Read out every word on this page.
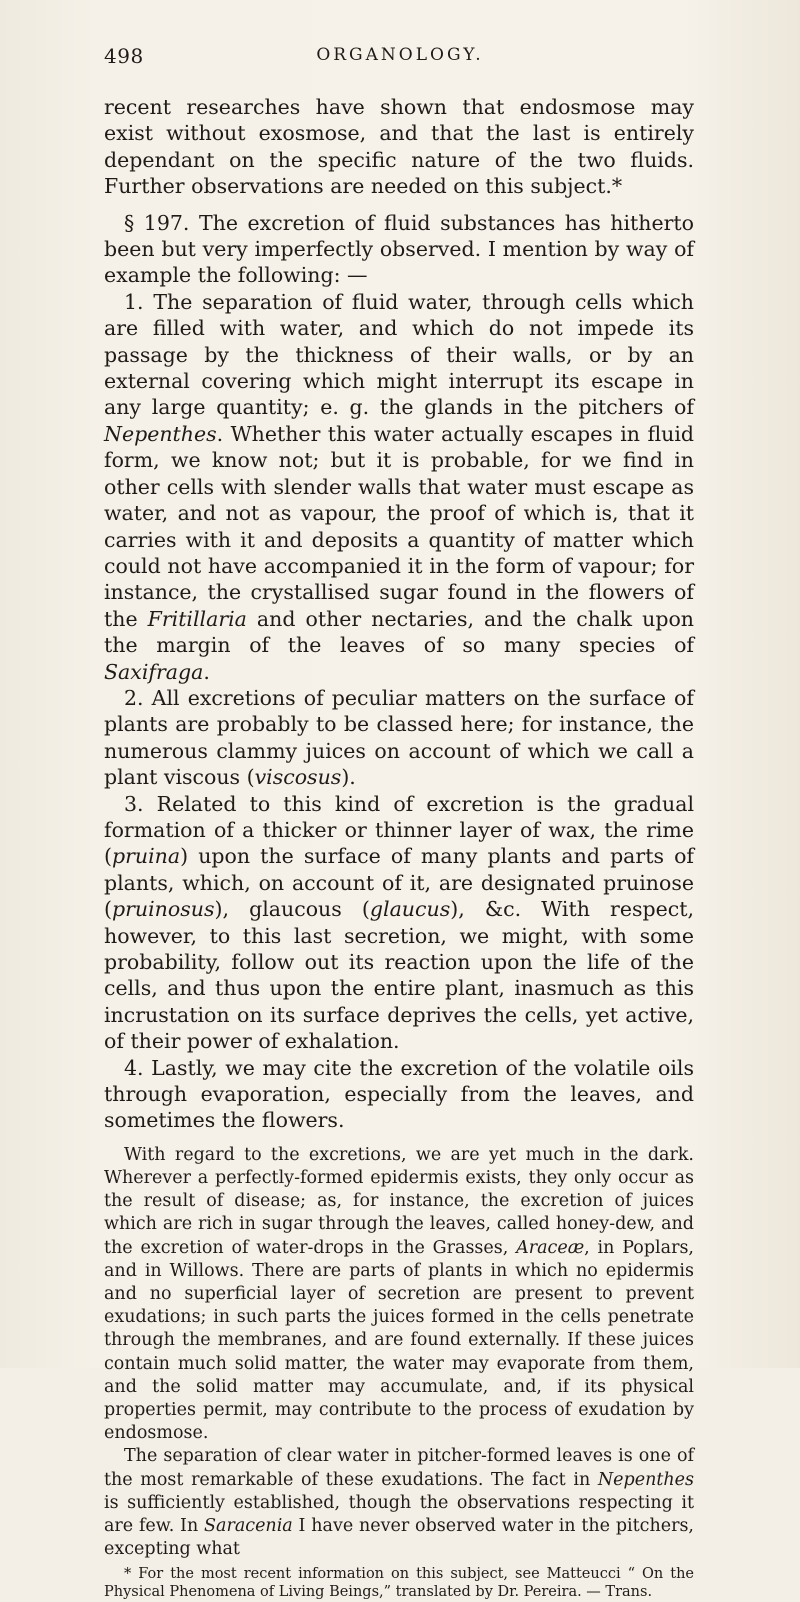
498	ORGANOLOGY.

recent researches have shown that endosmose may exist without exosmose, and that the last is entirely dependant on the specific nature of the two fluids. Further observations are needed on this subject.*

§ 197. The excretion of fluid substances has hitherto been but very imperfectly observed. I mention by way of example the following: —

1. The separation of fluid water, through cells which are filled with water, and which do not impede its passage by the thickness of their walls, or by an external covering which might interrupt its escape in any large quantity; e. g. the glands in the pitchers of Nepenthes. Whether this water actually escapes in fluid form, we know not; but it is probable, for we find in other cells with slender walls that water must escape as water, and not as vapour, the proof of which is, that it carries with it and deposits a quantity of matter which could not have accompanied it in the form of vapour; for instance, the crystallised sugar found in the flowers of the Fritillaria and other nectaries, and the chalk upon the margin of the leaves of so many species of Saxifraga.

2. All excretions of peculiar matters on the surface of plants are probably to be classed here; for instance, the numerous clammy juices on account of which we call a plant viscous (viscosus).

3. Related to this kind of excretion is the gradual formation of a thicker or thinner layer of wax, the rime (pruina) upon the surface of many plants and parts of plants, which, on account of it, are designated pruinose (pruinosus), glaucous (glaucus), &c. With respect, however, to this last secretion, we might, with some probability, follow out its reaction upon the life of the cells, and thus upon the entire plant, inasmuch as this incrustation on its surface deprives the cells, yet active, of their power of exhalation.

4. Lastly, we may cite the excretion of the volatile oils through evaporation, especially from the leaves, and sometimes the flowers.

With regard to the excretions, we are yet much in the dark. Wherever a perfectly-formed epidermis exists, they only occur as the result of disease; as, for instance, the excretion of juices which are rich in sugar through the leaves, called honey-dew, and the excretion of water-drops in the Grasses, Araceæ, in Poplars, and in Willows. There are parts of plants in which no epidermis and no superficial layer of secretion are present to prevent exudations; in such parts the juices formed in the cells penetrate through the membranes, and are found externally. If these juices contain much solid matter, the water may evaporate from them, and the solid matter may accumulate, and, if its physical properties permit, may contribute to the process of exudation by endosmose.

The separation of clear water in pitcher-formed leaves is one of the most remarkable of these exudations. The fact in Nepenthes is sufficiently established, though the observations respecting it are few. In Saracenia I have never observed water in the pitchers, excepting what

* For the most recent information on this subject, see Matteucci “ On the Physical Phenomena of Living Beings,” translated by Dr. Pereira. — Trans.
